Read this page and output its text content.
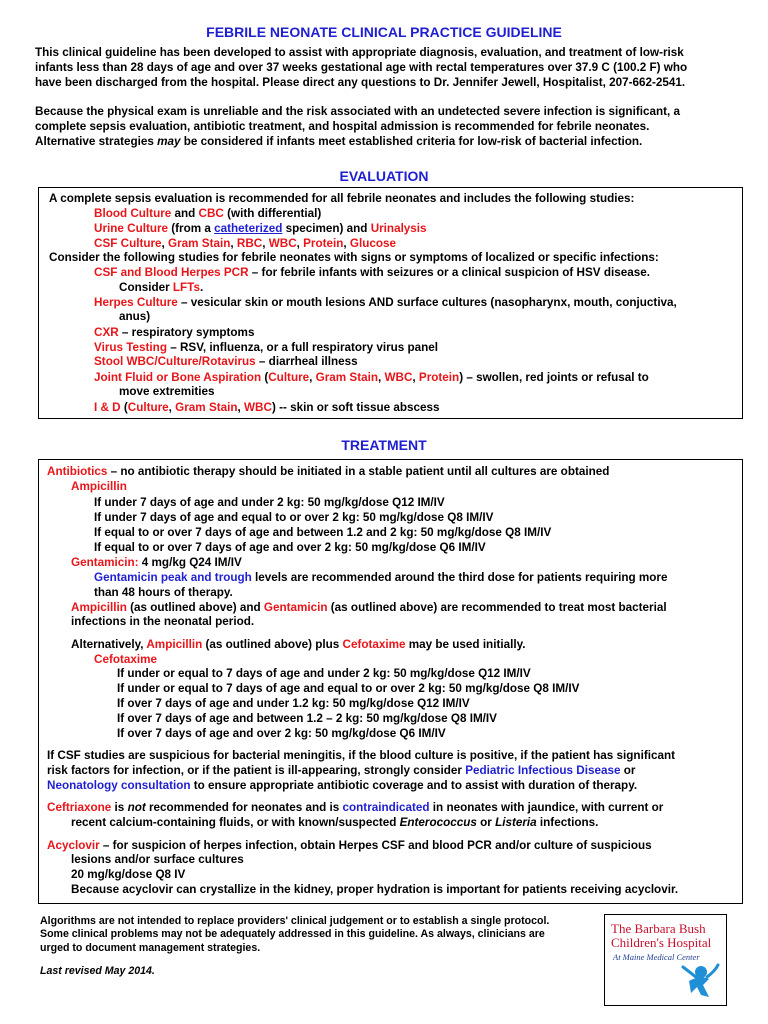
FEBRILE NEONATE CLINICAL PRACTICE GUIDELINE
This clinical guideline has been developed to assist with appropriate diagnosis, evaluation, and treatment of low-risk
infants less than 28 days of age and over 37 weeks gestational age with rectal temperatures over 37.9 C (100.2 F) who
have been discharged from the hospital. Please direct any questions to Dr. Jennifer Jewell, Hospitalist, 207-662-2541.
Because the physical exam is unreliable and the risk associated with an undetected severe infection is significant, a
complete sepsis evaluation, antibiotic treatment, and hospital admission is recommended for febrile neonates.
Alternative strategies may be considered if infants meet established criteria for low-risk of bacterial infection.
EVALUATION
A complete sepsis evaluation is recommended for all febrile neonates and includes the following studies:
Blood Culture and CBC (with differential)
Urine Culture (from a catheterized specimen) and Urinalysis
CSF Culture, Gram Stain, RBC, WBC, Protein, Glucose
Consider the following studies for febrile neonates with signs or symptoms of localized or specific infections:
CSF and Blood Herpes PCR – for febrile infants with seizures or a clinical suspicion of HSV disease.
Consider LFTs.
Herpes Culture – vesicular skin or mouth lesions AND surface cultures (nasopharynx, mouth, conjuctiva,
anus)
CXR – respiratory symptoms
Virus Testing – RSV, influenza, or a full respiratory virus panel
Stool WBC/Culture/Rotavirus – diarrheal illness
Joint Fluid or Bone Aspiration (Culture, Gram Stain, WBC, Protein) – swollen, red joints or refusal to
move extremities
I & D (Culture, Gram Stain, WBC) -- skin or soft tissue abscess
TREATMENT
Antibiotics – no antibiotic therapy should be initiated in a stable patient until all cultures are obtained
Ampicillin
If under 7 days of age and under 2 kg: 50 mg/kg/dose Q12 IM/IV
If under 7 days of age and equal to or over 2 kg: 50 mg/kg/dose Q8 IM/IV
If equal to or over 7 days of age and between 1.2 and 2 kg: 50 mg/kg/dose Q8 IM/IV
If equal to or over 7 days of age and over 2 kg: 50 mg/kg/dose Q6 IM/IV
Gentamicin: 4 mg/kg Q24 IM/IV
Gentamicin peak and trough levels are recommended around the third dose for patients requiring more
than 48 hours of therapy.
Ampicillin (as outlined above) and Gentamicin (as outlined above) are recommended to treat most bacterial
infections in the neonatal period.
Alternatively, Ampicillin (as outlined above) plus Cefotaxime may be used initially.
Cefotaxime
If under or equal to 7 days of age and under 2 kg: 50 mg/kg/dose Q12 IM/IV
If under or equal to 7 days of age and equal to or over 2 kg: 50 mg/kg/dose Q8 IM/IV
If over 7 days of age and under 1.2 kg: 50 mg/kg/dose Q12 IM/IV
If over 7 days of age and between 1.2 – 2 kg: 50 mg/kg/dose Q8 IM/IV
If over 7 days of age and over 2 kg: 50 mg/kg/dose Q6 IM/IV
If CSF studies are suspicious for bacterial meningitis, if the blood culture is positive, if the patient has significant
risk factors for infection, or if the patient is ill-appearing, strongly consider Pediatric Infectious Disease or
Neonatology consultation to ensure appropriate antibiotic coverage and to assist with duration of therapy.
Ceftriaxone is not recommended for neonates and is contraindicated in neonates with jaundice, with current or
recent calcium-containing fluids, or with known/suspected Enterococcus or Listeria infections.
Acyclovir – for suspicion of herpes infection, obtain Herpes CSF and blood PCR and/or culture of suspicious
lesions and/or surface cultures
20 mg/kg/dose Q8 IV
Because acyclovir can crystallize in the kidney, proper hydration is important for patients receiving acyclovir.
Algorithms are not intended to replace providers' clinical judgement or to establish a single protocol.
Some clinical problems may not be adequately addressed in this guideline. As always, clinicians are
urged to document management strategies.
Last revised May 2014.
The Barbara Bush
Children's Hospital
At Maine Medical Center
